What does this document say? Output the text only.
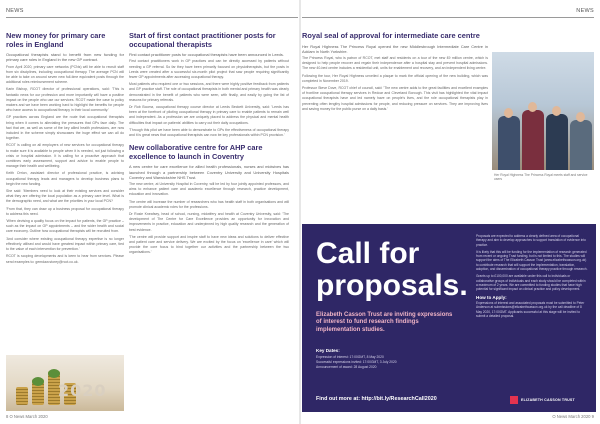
NEWS	NEWS
New money for primary care roles in England

Occupational therapists stand to benefit from new funding for primary care roles in England in the new GP contract.

From April 2020, primary care networks (PCNs) will be able to recruit staff from six disciplines, including occupational therapy. The average PCN will be able to take on around seven new full-time equivalent posts through the additional roles reimbursement scheme.

Karin Bishop, RCOT director of professional operations, said: 'This is fantastic news for our profession and more importantly will have a positive impact on the people who use our services. RCOT made the case to policy makers and we have been working hard to highlight the benefits for people who have access to occupational therapy in their local community.'

GP practices across England are the route that occupational therapists bring when it comes to alleviating the pressures that GPs face daily. The fact that we, as well as some of the key allied health professions, are now included in the scheme simply showcases the huge effect we can all do together.

RCOT is calling on all employers of new services for occupational therapy to make sure it is available to people when it is needed, not just following a crisis or hospital admission. It is calling for a proactive approach that combines early assessment, support and advice to enable people to manage their health and wellbeing.

Keith Orrion, assistant director of professional practice, is advising occupational therapy leads and managers to develop business plans to begin the new funding.

She said: 'Members need to look at their existing services and consider what they are offering the local population as a primary care level. What is the demographic need, and what are the priorities in your local PCN?

'From that, they can draw up a business proposal for occupational therapy to address this need.

'When devising a quality focus on the impact for patients, the GP practice – such as the impact on GP appointments – and the wider health and social care economy. Outline how occupational therapists will be recruited from.

'And consider where existing occupational therapy expertise is no longer effectively utilised and would have greatest impact within primary care, tied to the value of each intervention for prevention.'

RCOT is scoping developments and is keen to hear from services. Please send examples to: gemdaw.storey@rcot.co.uk.

2020
Start of first contact practitioner posts for occupational therapists

First contact practitioner posts for occupational therapists have been announced in Leeds.

First contact practitioners work in GP practices and can be directly accessed by patients without needing a GP referral. So far they have been primarily focused on physiotherapists, but the posts in Leeds were created after a successful six-month pilot project that saw people requiring significantly fewer GP appointments after accessing occupational therapy.

Most patients who required one or two sessions, and there were highly positive feedback from patients and GP practice staff. The role of occupational therapists in both mental and primary health was clearly demonstrated in the benefit of patients who were seen, with finally, and easily by going the list of reasons for primary referrals.

Dr Rob Boomz, occupational therapy course director at Leeds Beckett University, said: 'Leeds has been at the forefront of piloting occupational therapy in primary care to enable patients to remain well and independent. As a profession we are uniquely placed to address the physical and mental health difficulties that impact on patients' abilities to carry out their daily occupations.

'Through this pilot we have been able to demonstrate to GPs the effectiveness of occupational therapy and it is great news that occupational therapists can now be key professionals within PCN provision.'

New collaborative centre for AHP care excellence to launch in Coventry

A new centre for care excellence for allied health professionals, nurses and midwives has launched through a partnership between Coventry University and University Hospitals Coventry and Warwickshire NHS Trust.

The new centre, at University Hospital in Coventry, will be led by four jointly appointed professors, and aims to enhance patient care and academic excellence through research, practice development, education and innovation.

The centre will increase the number of researchers who has health staff in both organisations and will promote clinical academic roles for the professions.

Dr Rosie Kneafsey, head of school, nursing, midwifery and health at Coventry University, said: 'The development of The Centre for Care Excellence provides an opportunity for innovation and improvements in practice, education and underpinned by high quality research and the generation of best evidence.

'The centre will provide support and inspire staff to have new ideas and solutions to deliver effective and patient care and service delivery. We are excited by the focus on 'excellence in care' which will provide the core focus to bind together our activities and the partnership between the two organisations.'

Royal seal of approval for intermediate care centre

Her Royal Highness The Princess Royal opened the new Middlesbrough Intermediate Care Centre in Acklam in North Yorkshire.

The Princess Royal, who is patron of RCOT, met staff and residents on a tour of the new £9 million centre, which is designed to help people recover and regain their independence after a hospital stay and prevent hospital admissions. The new 40-bed centre includes a residential unit, units for enablement and recovery, and an independent living centre.

Following the tour, Her Royal Highness unveiled a plaque to mark the official opening of the new building, which was completed in November 2019.

Professor Steve Dove, RCOT chief of council, said: 'The new centre adds to the great facilities and excellent examples of frontline occupational therapy services in Redcar and Cleveland Borough. This visit has highlighted the vital impact occupational therapists have and led namely have on people's lives, and the role occupational therapists play in preventing often lengthy hospital admissions for people, and reducing pressure on services. They are improving lives and saving money for the public purse on a daily basis.'

Her Royal Highness The Princess Royal meets staff and service users
Call for proposals.
Elizabeth Casson Trust are inviting expressions of interest to fund research findings implementation studies.
Key Dates:
Expression of interest: 17:00GMT, 8 May 2020
Successful expressions invited: 17:00GMT, 3 July 2020
Announcement of award: 28 August 2020

Proposals are expected to address a clearly defined area of occupational therapy and aim to develop approaches to support translation of evidence into practice.

It is likely that this will be funding for the implementation of research generated from recent or ongoing Trust funding, but is not limited to this. The studies will support the aims of The Elizabeth Casson Trust (www.elizabethcasson.org.uk) to contribute research that will support the implementation, translation, adoption, and dissemination of occupational therapy practice through research.

Grants up to £100,000 are available under this call to individuals or collaborative groups of individuals and each study should be completed within a maximum of 2 years. We are committed to funding studies that have high potential for significant impact on clinical practice and policy development.

How to Apply:

Expressions of interest and associated proposals must be submitted to Peter Anderson at submissions@elizabethcasson.org.uk by the call deadline of 8 May 2020, 17:00GMT. Applicants successful at this stage will be invited to submit a detailed proposal.

Find out more at: http://bit.ly/ResearchCall2020	ELIZABETH CASSON TRUST
8 O News March 2020	O News March 2020 9
